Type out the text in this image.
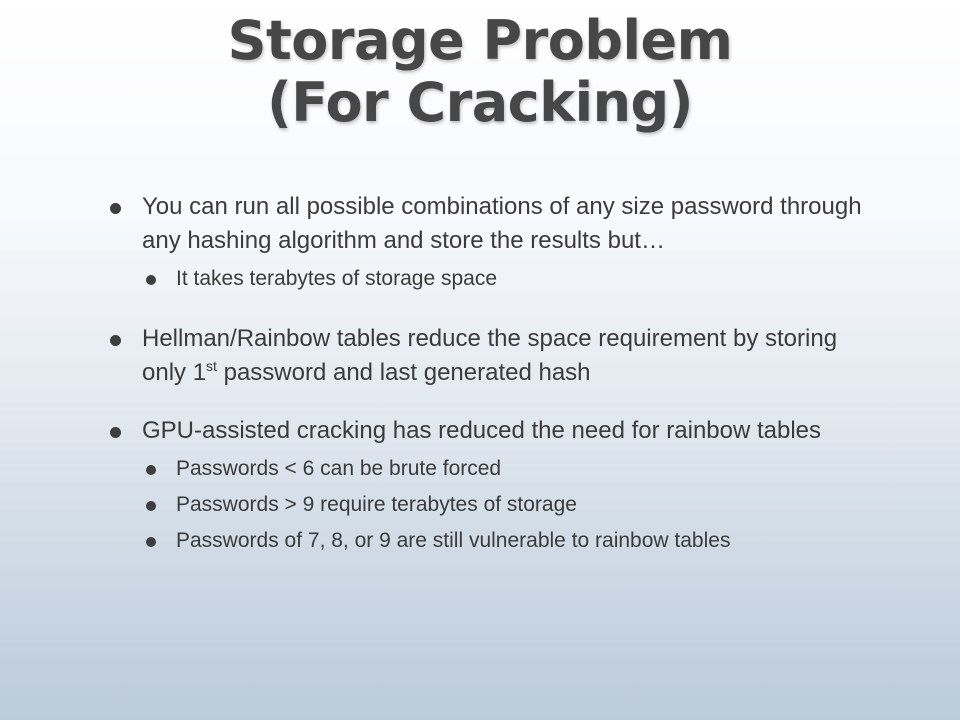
Storage Problem
(For Cracking)
You can run all possible combinations of any size password through any hashing algorithm and store the results but…
It takes terabytes of storage space
Hellman/Rainbow tables reduce the space requirement by storing only 1st password and last generated hash
GPU-assisted cracking has reduced the need for rainbow tables
Passwords < 6 can be brute forced
Passwords > 9 require terabytes of storage
Passwords of 7, 8, or 9 are still vulnerable to rainbow tables
